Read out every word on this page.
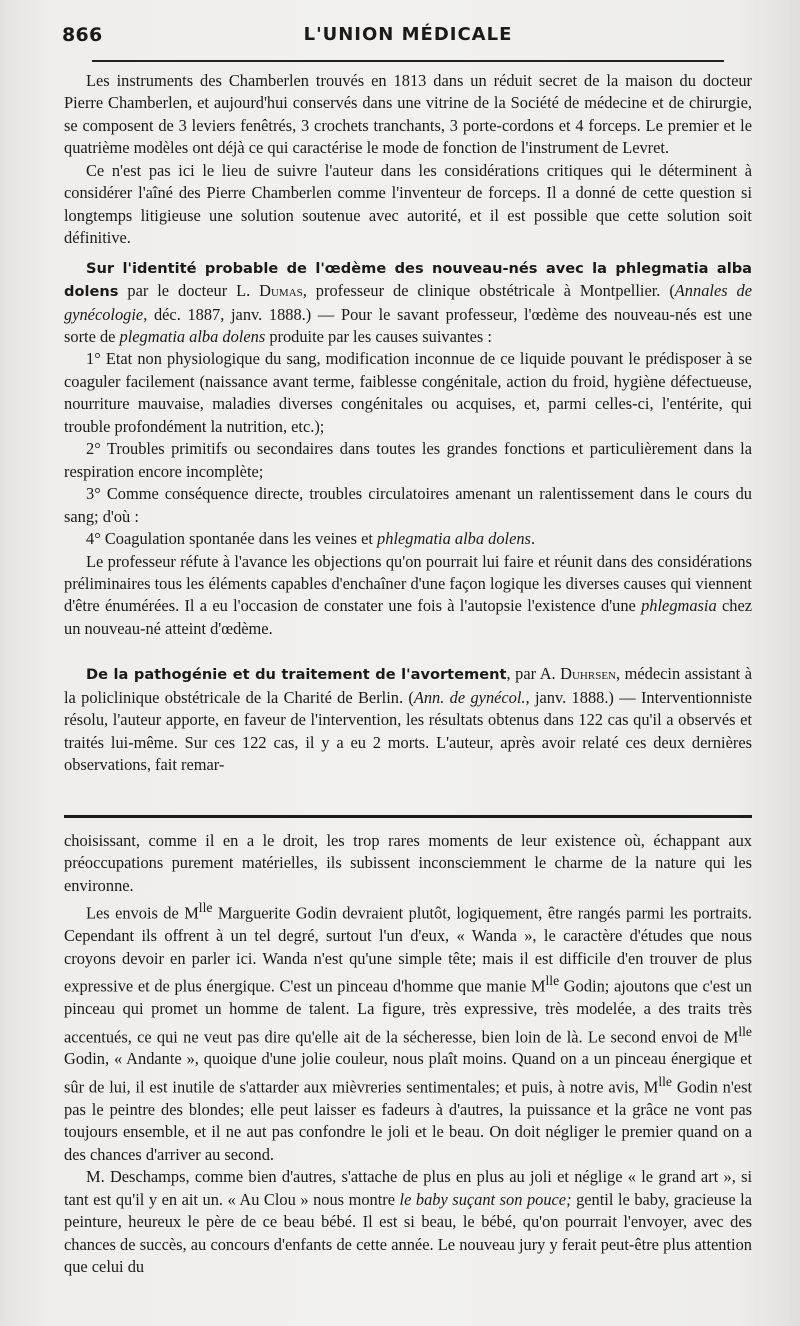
866	L'UNION MÉDICALE

Les instruments des Chamberlen trouvés en 1813 dans un réduit secret de la maison du docteur Pierre Chamberlen, et aujourd'hui conservés dans une vitrine de la Société de médecine et de chirurgie, se composent de 3 leviers fenêtrés, 3 crochets tranchants, 3 porte-cordons et 4 forceps. Le premier et le quatrième modèles ont déjà ce qui caractérise le mode de fonction de l'instrument de Levret.

Ce n'est pas ici le lieu de suivre l'auteur dans les considérations critiques qui le déterminent à considérer l'aîné des Pierre Chamberlen comme l'inventeur de forceps. Il a donné de cette question si longtemps litigieuse une solution soutenue avec autorité, et il est possible que cette solution soit définitive.

Sur l'identité probable de l'œdème des nouveau-nés avec la phlegmatia alba dolens par le docteur L. Dumas, professeur de clinique obstétricale à Montpellier. (Annales de gynécologie, déc. 1887, janv. 1888.) — Pour le savant professeur, l'œdème des nouveau-nés est une sorte de plegmatia alba dolens produite par les causes suivantes :

1° Etat non physiologique du sang, modification inconnue de ce liquide pouvant le prédisposer à se coaguler facilement (naissance avant terme, faiblesse congénitale, action du froid, hygiène défectueuse, nourriture mauvaise, maladies diverses congénitales ou acquises, et, parmi celles-ci, l'entérite, qui trouble profondément la nutrition, etc.);

2° Troubles primitifs ou secondaires dans toutes les grandes fonctions et particulièrement dans la respiration encore incomplète;

3° Comme conséquence directe, troubles circulatoires amenant un ralentissement dans le cours du sang; d'où :

4° Coagulation spontanée dans les veines et phlegmatia alba dolens.

Le professeur réfute à l'avance les objections qu'on pourrait lui faire et réunit dans des considérations préliminaires tous les éléments capables d'enchaîner d'une façon logique les diverses causes qui viennent d'être énumérées. Il a eu l'occasion de constater une fois à l'autopsie l'existence d'une phlegmasia chez un nouveau-né atteint d'œdème.

De la pathogénie et du traitement de l'avortement, par A. Duhrsen, médecin assistant à la policlinique obstétricale de la Charité de Berlin. (Ann. de gynécol., janv. 1888.) — Interventionniste résolu, l'auteur apporte, en faveur de l'intervention, les résultats obtenus dans 122 cas qu'il a observés et traités lui-même. Sur ces 122 cas, il y a eu 2 morts. L'auteur, après avoir relaté ces deux dernières observations, fait remar-

choisissant, comme il en a le droit, les trop rares moments de leur existence où, échappant aux préoccupations purement matérielles, ils subissent inconsciemment le charme de la nature qui les environne.

Les envois de $M^{lle}$ Marguerite Godin devraient plutôt, logiquement, être rangés parmi les portraits. Cependant ils offrent à un tel degré, surtout l'un d'eux, « Wanda », le caractère d'études que nous croyons devoir en parler ici. Wanda n'est qu'une simple tête; mais il est difficile d'en trouver de plus expressive et de plus énergique. C'est un pinceau d'homme que manie $M^{lle}$ Godin; ajoutons que c'est un pinceau qui promet un homme de talent. La figure, très expressive, très modelée, a des traits très accentués, ce qui ne veut pas dire qu'elle ait de la sécheresse, bien loin de là. Le second envoi de $M^{lle}$ Godin, « Andante », quoique d'une jolie couleur, nous plaît moins. Quand on a un pinceau énergique et sûr de lui, il est inutile de s'attarder aux mièvreries sentimentales; et puis, à notre avis, $M^{lle}$ Godin n'est pas le peintre des blondes; elle peut laisser es fadeurs à d'autres, la puissance et la grâce ne vont pas toujours ensemble, et il ne aut pas confondre le joli et le beau. On doit négliger le premier quand on a des chances d'arriver au second.

M. Deschamps, comme bien d'autres, s'attache de plus en plus au joli et néglige « le grand art », si tant est qu'il y en ait un. « Au Clou » nous montre le baby suçant son pouce; gentil le baby, gracieuse la peinture, heureux le père de ce beau bébé. Il est si beau, le bébé, qu'on pourrait l'envoyer, avec des chances de succès, au concours d'enfants de cette année. Le nouveau jury y ferait peut-être plus attention que celui du
